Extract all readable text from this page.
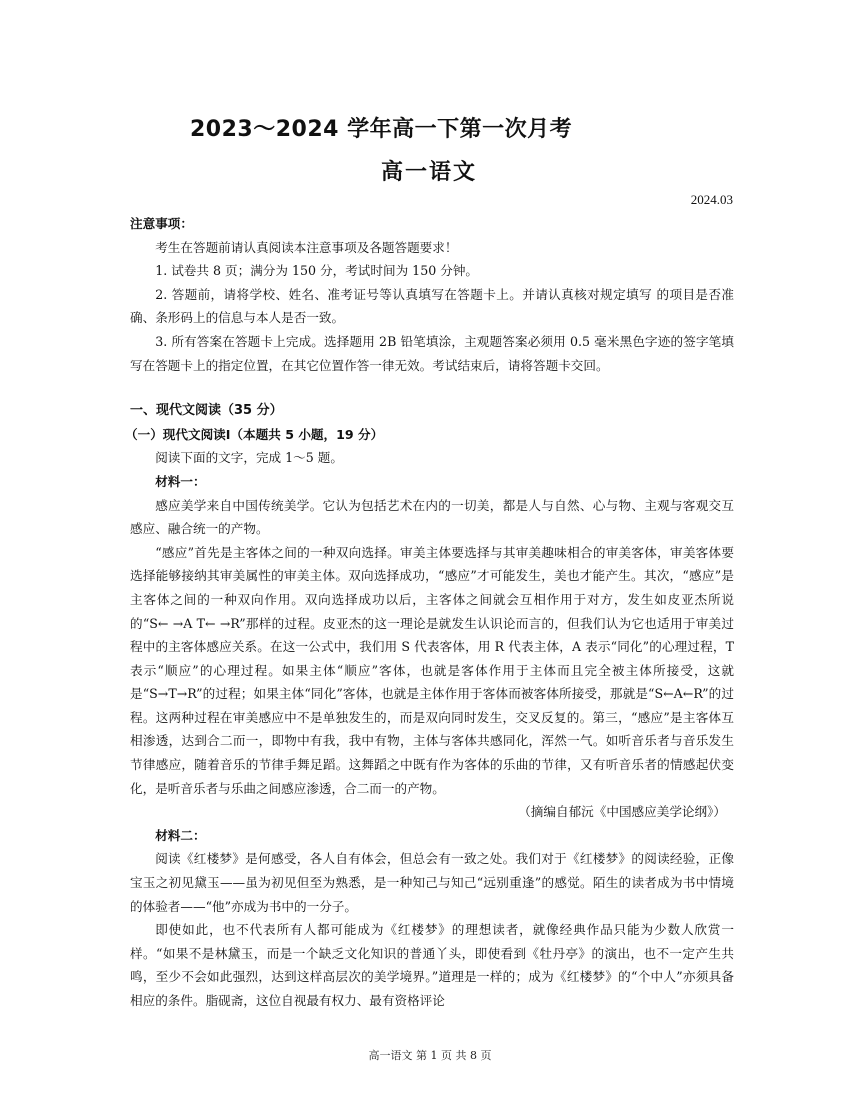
2023～2024 学年高一下第一次月考
高一语文
2024.03

注意事项：

考生在答题前请认真阅读本注意事项及各题答题要求！

1. 试卷共 8 页；满分为 150 分，考试时间为 150 分钟。

2. 答题前，请将学校、姓名、准考证号等认真填写在答题卡上。并请认真核对规定填写 的项目是否准确、条形码上的信息与本人是否一致。

3. 所有答案在答题卡上完成。选择题用 2B 铅笔填涂，主观题答案必须用 0.5 毫米黑色字迹的签字笔填写在答题卡上的指定位置，在其它位置作答一律无效。考试结束后，请将答题卡交回。

一、现代文阅读（35 分）

（一）现代文阅读Ⅰ（本题共 5 小题，19 分）

阅读下面的文字，完成 1～5 题。

材料一：

感应美学来自中国传统美学。它认为包括艺术在内的一切美，都是人与自然、心与物、主观与客观交互感应、融合统一的产物。

“感应”首先是主客体之间的一种双向选择。审美主体要选择与其审美趣味相合的审美客体，审美客体要选择能够接纳其审美属性的审美主体。双向选择成功，“感应”才可能发生，美也才能产生。其次，“感应”是主客体之间的一种双向作用。双向选择成功以后，主客体之间就会互相作用于对方，发生如皮亚杰所说的“S← →A T← →R”那样的过程。皮亚杰的这一理论是就发生认识论而言的，但我们认为它也适用于审美过程中的主客体感应关系。在这一公式中，我们用 S 代表客体，用 R 代表主体，A 表示“同化”的心理过程，T 表示“顺应”的心理过程。如果主体“顺应”客体，也就是客体作用于主体而且完全被主体所接受，这就是“S→T→R”的过程；如果主体“同化”客体，也就是主体作用于客体而被客体所接受，那就是“S←A←R”的过程。这两种过程在审美感应中不是单独发生的，而是双向同时发生，交叉反复的。第三，“感应”是主客体互相渗透，达到合二而一，即物中有我，我中有物，主体与客体共感同化，浑然一气。如听音乐者与音乐发生节律感应，随着音乐的节律手舞足蹈。这舞蹈之中既有作为客体的乐曲的节律，又有听音乐者的情感起伏变化，是听音乐者与乐曲之间感应渗透，合二而一的产物。

（摘编自郁沅《中国感应美学论纲》）

材料二：

阅读《红楼梦》是何感受，各人自有体会，但总会有一致之处。我们对于《红楼梦》的阅读经验，正像宝玉之初见黛玉——虽为初见但至为熟悉，是一种知己与知己“远别重逢”的感觉。陌生的读者成为书中情境的体验者——“他”亦成为书中的一分子。

即使如此，也不代表所有人都可能成为《红楼梦》的理想读者，就像经典作品只能为少数人欣赏一样。“如果不是林黛玉，而是一个缺乏文化知识的普通丫头，即使看到《牡丹亭》的演出，也不一定产生共鸣，至少不会如此强烈，达到这样高层次的美学境界。”道理是一样的；成为《红楼梦》的“个中人”亦须具备相应的条件。脂砚斋，这位自视最有权力、最有资格评论

高一语文 第 1 页 共 8 页
